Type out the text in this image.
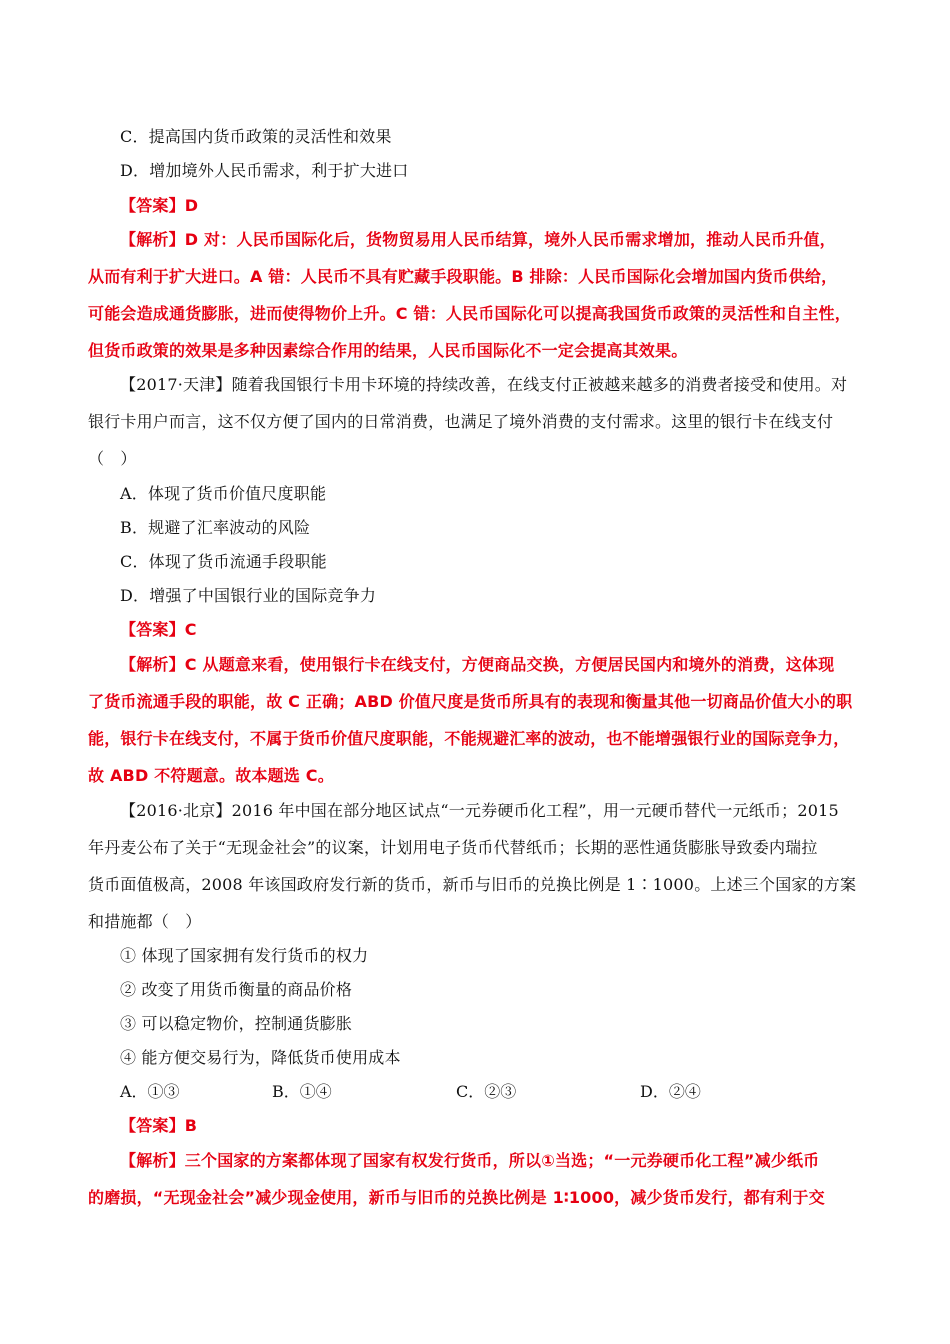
C．提高国内货币政策的灵活性和效果
D．增加境外人民币需求，利于扩大进口
【答案】D
【解析】D 对：人民币国际化后，货物贸易用人民币结算，境外人民币需求增加，推动人民币升值，
从而有利于扩大进口。A 错：人民币不具有贮藏手段职能。B 排除：人民币国际化会增加国内货币供给，
可能会造成通货膨胀，进而使得物价上升。C 错：人民币国际化可以提高我国货币政策的灵活性和自主性，
但货币政策的效果是多种因素综合作用的结果，人民币国际化不一定会提高其效果。
【2017·天津】随着我国银行卡用卡环境的持续改善，在线支付正被越来越多的消费者接受和使用。对
银行卡用户而言，这不仅方便了国内的日常消费，也满足了境外消费的支付需求。这里的银行卡在线支付
（　）
A．体现了货币价值尺度职能
B．规避了汇率波动的风险
C．体现了货币流通手段职能
D．增强了中国银行业的国际竞争力
【答案】C
【解析】C 从题意来看，使用银行卡在线支付，方便商品交换，方便居民国内和境外的消费，这体现
了货币流通手段的职能，故 C 正确；ABD 价值尺度是货币所具有的表现和衡量其他一切商品价值大小的职
能，银行卡在线支付，不属于货币价值尺度职能，不能规避汇率的波动，也不能增强银行业的国际竞争力，
故 ABD 不符题意。故本题选 C。
【2016·北京】2016 年中国在部分地区试点“一元券硬币化工程”，用一元硬币替代一元纸币；2015
年丹麦公布了关于“无现金社会”的议案，计划用电子货币代替纸币；长期的恶性通货膨胀导致委内瑞拉
货币面值极高，2008 年该国政府发行新的货币，新币与旧币的兑换比例是 1∶1000。上述三个国家的方案
和措施都（　）
① 体现了国家拥有发行货币的权力
② 改变了用货币衡量的商品价格
③ 可以稳定物价，控制通货膨胀
④ 能方便交易行为，降低货币使用成本
A．①③	B．①④	C．②③	D．②④
【答案】B
【解析】三个国家的方案都体现了国家有权发行货币，所以①当选；“一元券硬币化工程”减少纸币
的磨损，“无现金社会”减少现金使用，新币与旧币的兑换比例是 1∶1000，减少货币发行，都有利于交
